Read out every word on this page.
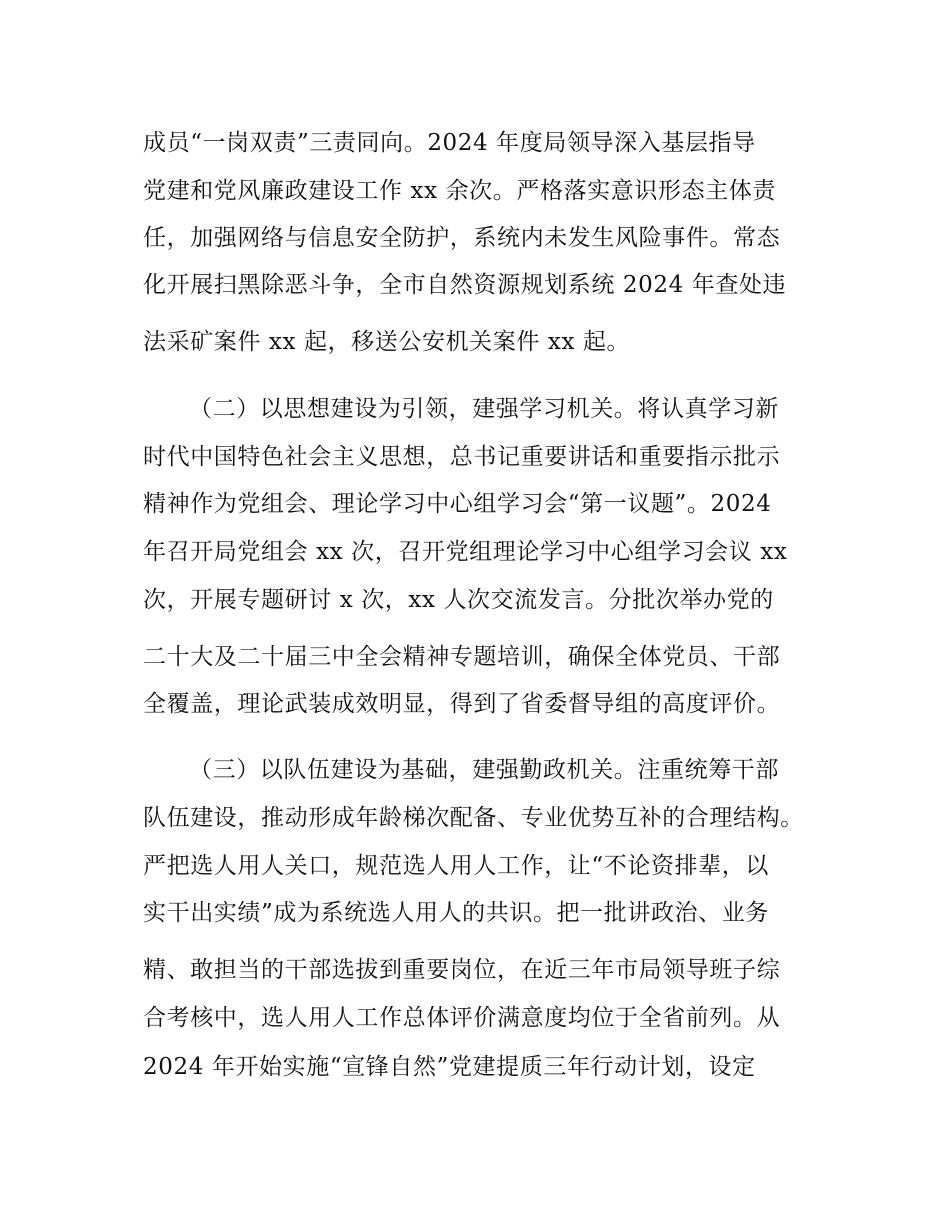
成员“一岗双责”三责同向。2024 年度局领导深入基层指导
党建和党风廉政建设工作 xx 余次。严格落实意识形态主体责
任，加强网络与信息安全防护，系统内未发生风险事件。常态
化开展扫黑除恶斗争，全市自然资源规划系统 2024 年查处违
法采矿案件 xx 起，移送公安机关案件 xx 起。
（二）以思想建设为引领，建强学习机关。将认真学习新
时代中国特色社会主义思想，总书记重要讲话和重要指示批示
精神作为党组会、理论学习中心组学习会“第一议题”。2024
年召开局党组会 xx 次，召开党组理论学习中心组学习会议 xx
次，开展专题研讨 x 次，xx 人次交流发言。分批次举办党的
二十大及二十届三中全会精神专题培训，确保全体党员、干部
全覆盖，理论武装成效明显，得到了省委督导组的高度评价。
（三）以队伍建设为基础，建强勤政机关。注重统筹干部
队伍建设，推动形成年龄梯次配备、专业优势互补的合理结构。
严把选人用人关口，规范选人用人工作，让“不论资排辈，以
实干出实绩”成为系统选人用人的共识。把一批讲政治、业务
精、敢担当的干部选拔到重要岗位，在近三年市局领导班子综
合考核中，选人用人工作总体评价满意度均位于全省前列。从
2024 年开始实施“宣锋自然”党建提质三年行动计划，设定
